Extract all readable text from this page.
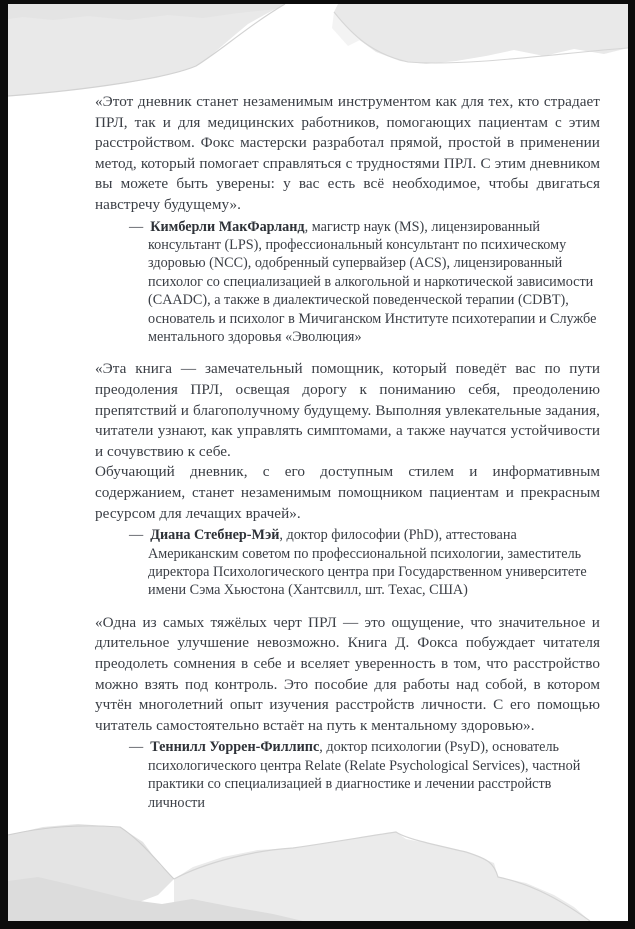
«Этот дневник станет незаменимым инструментом как для тех, кто страдает ПРЛ, так и для медицинских работников, помогающих пациентам с этим расстройством. Фокс мастерски разработал прямой, простой в применении метод, который помогает справляться с трудностями ПРЛ. С этим дневником вы можете быть уверены: у вас есть всё необходимое, чтобы двигаться навстречу будущему».

— Кимберли МакФарланд, магистр наук (MS), лицензированный консультант (LPS), профессиональный консультант по психическому здоровью (NCC), одобренный супервайзер (ACS), лицензированный психолог со специализацией в алкогольной и наркотической зависимости (CAADC), а также в диалектической поведенческой терапии (CDBT), основатель и психолог в Мичиганском Институте психотерапии и Службе ментального здоровья «Эволюция»

«Эта книга — замечательный помощник, который поведёт вас по пути преодоления ПРЛ, освещая дорогу к пониманию себя, преодолению препятствий и благополучному будущему. Выполняя увлекательные задания, читатели узнают, как управлять симптомами, а также научатся устойчивости и сочувствию к себе.

Обучающий дневник, с его доступным стилем и информативным содержанием, станет незаменимым помощником пациентам и прекрасным ресурсом для лечащих врачей».

— Диана Стебнер-Мэй, доктор философии (PhD), аттестована Американским советом по профессиональной психологии, заместитель директора Психологического центра при Государственном университете имени Сэма Хьюстона (Хантсвилл, шт. Техас, США)

«Одна из самых тяжёлых черт ПРЛ — это ощущение, что значительное и длительное улучшение невозможно. Книга Д. Фокса побуждает читателя преодолеть сомнения в себе и вселяет уверенность в том, что расстройство можно взять под контроль. Это пособие для работы над собой, в котором учтён многолетний опыт изучения расстройств личности. С его помощью читатель самостоятельно встаёт на путь к ментальному здоровью».

— Теннилл Уоррен-Филлипс, доктор психологии (PsyD), основатель психологического центра Relate (Relate Psychological Services), частной практики со специализацией в диагностике и лечении расстройств личности
